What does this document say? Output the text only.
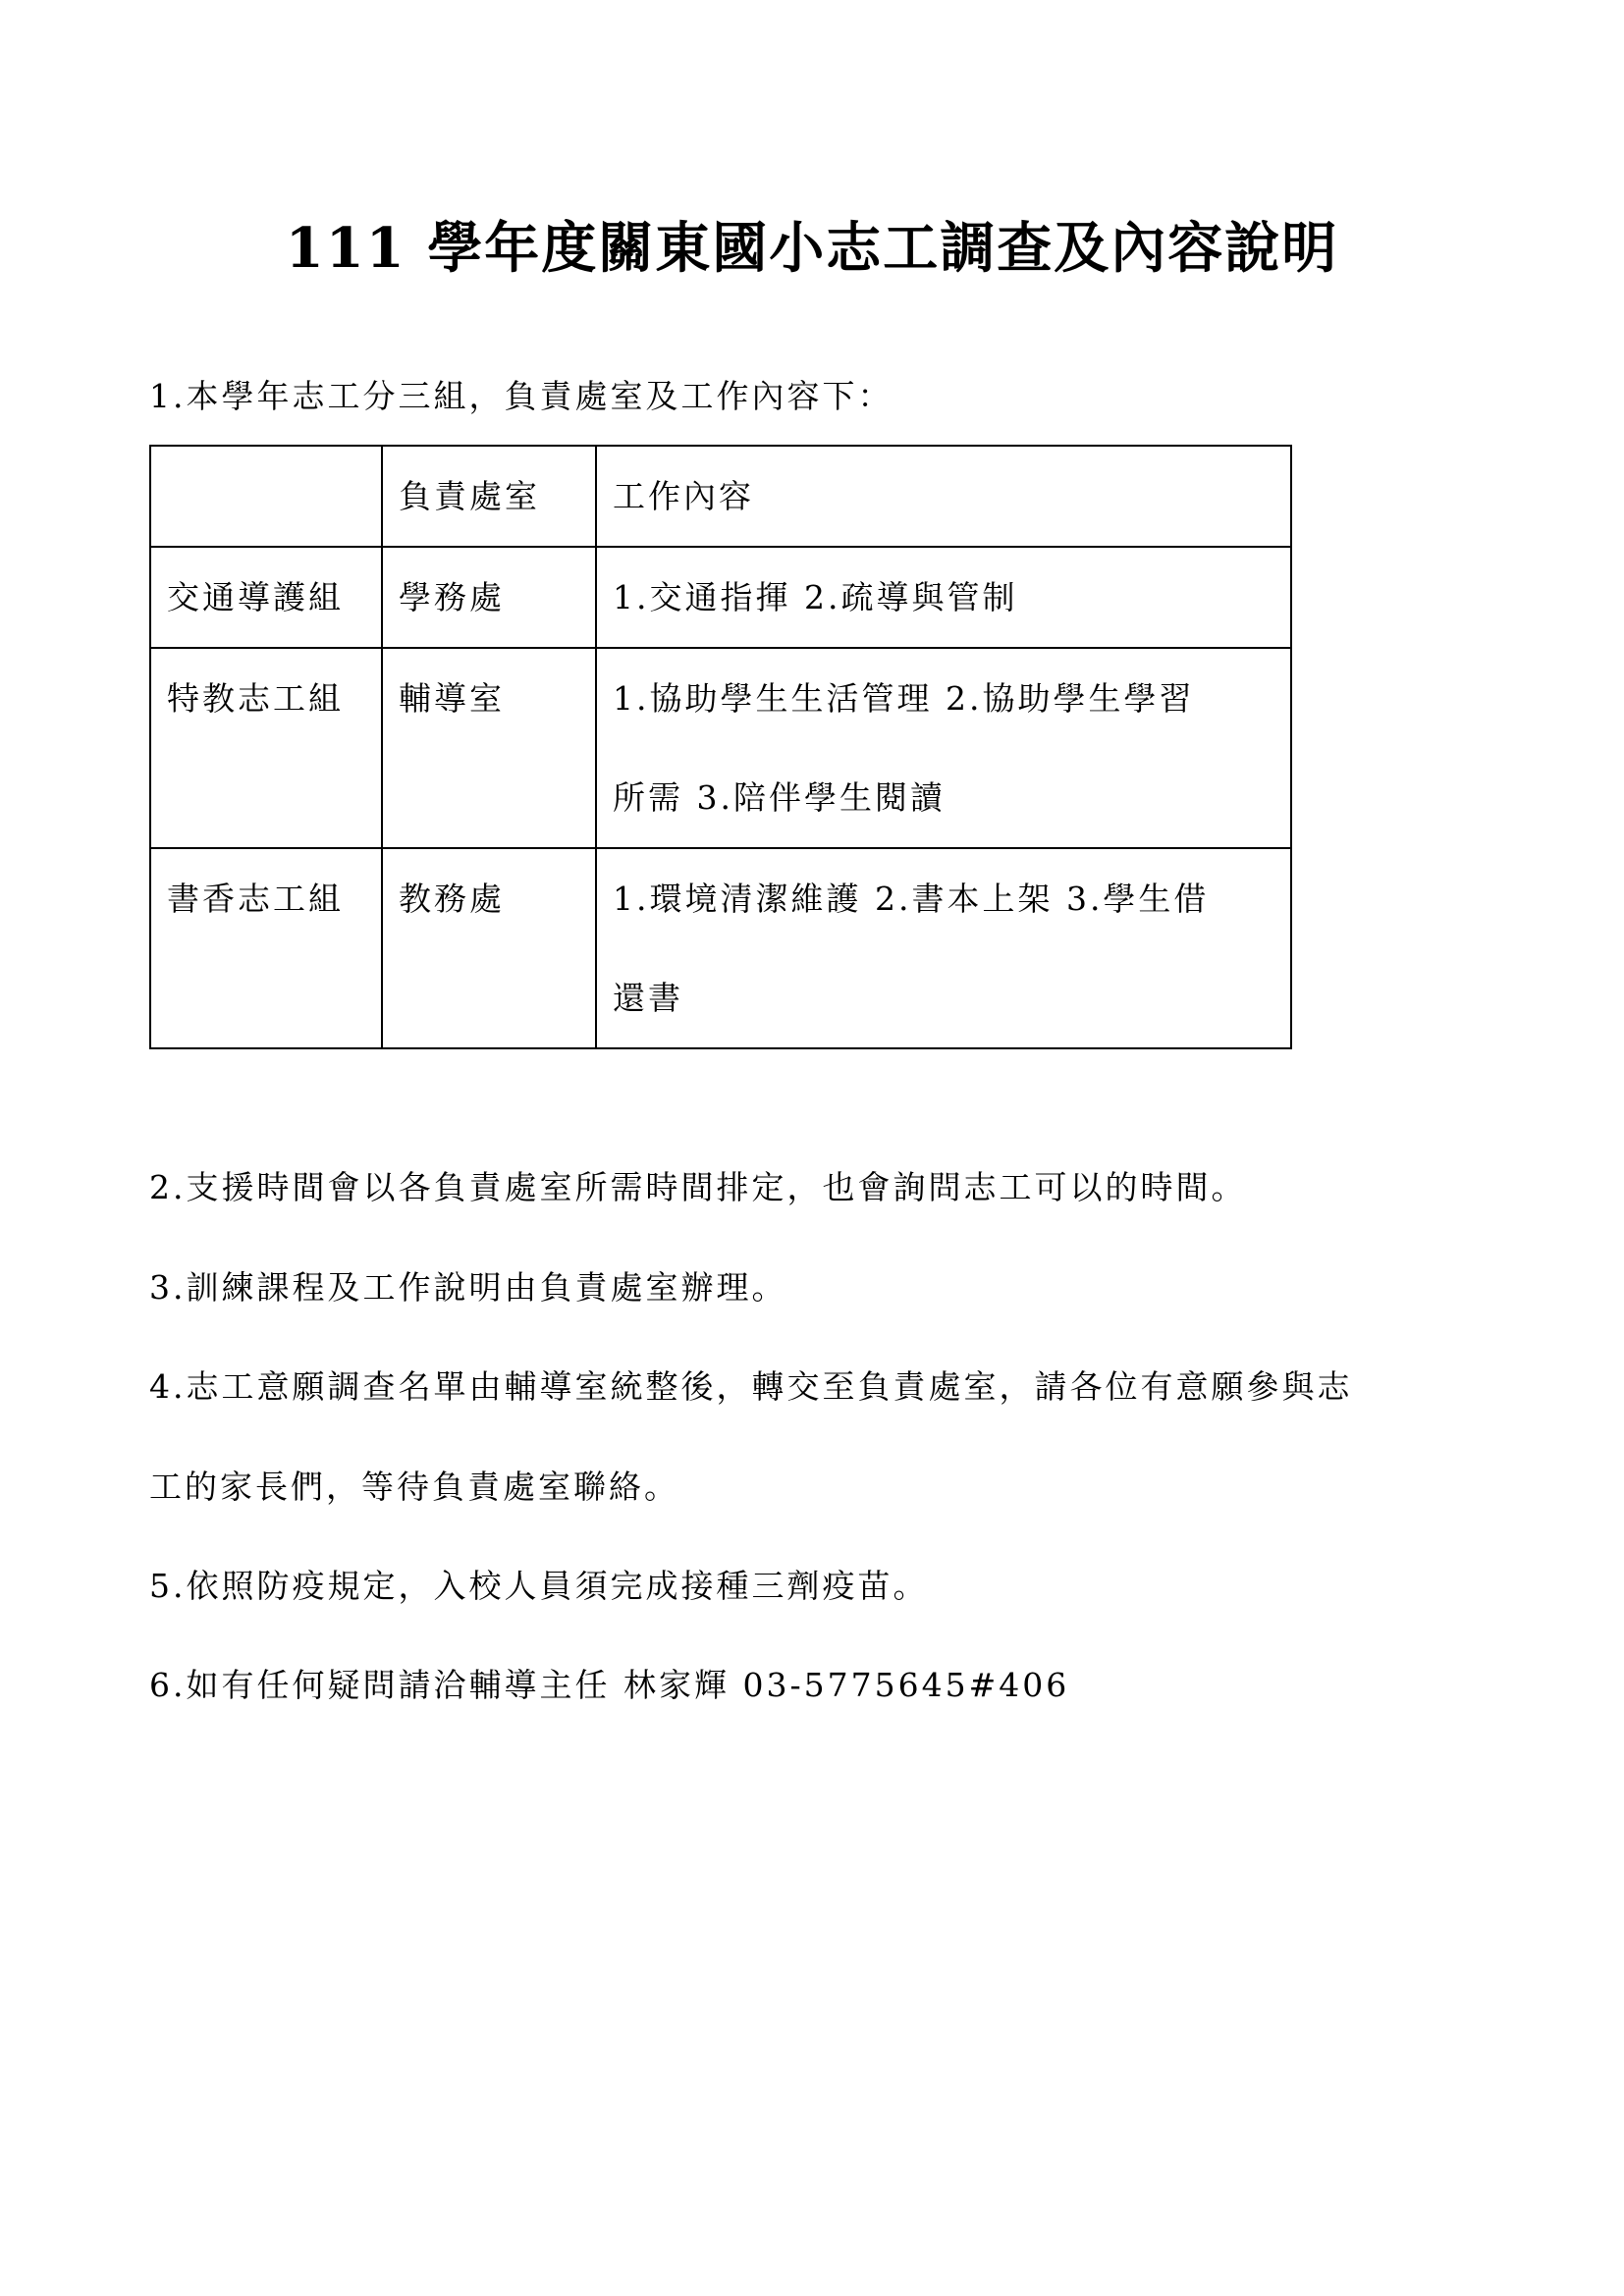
111 學年度關東國小志工調查及內容說明
1.本學年志工分三組，負責處室及工作內容下：
	負責處室	工作內容
交通導護組	學務處	1.交通指揮 2.疏導與管制

特教志工組	輔導室	1.協助學生生活管理 2.協助學生學習
所需 3.陪伴學生閱讀

書香志工組	教務處	1.環境清潔維護 2.書本上架 3.學生借
還書
2.支援時間會以各負責處室所需時間排定，也會詢問志工可以的時間。
3.訓練課程及工作說明由負責處室辦理。
4.志工意願調查名單由輔導室統整後，轉交至負責處室，請各位有意願參與志
工的家長們，等待負責處室聯絡。
5.依照防疫規定，入校人員須完成接種三劑疫苗。
6.如有任何疑問請洽輔導主任 林家輝 03-5775645#406
